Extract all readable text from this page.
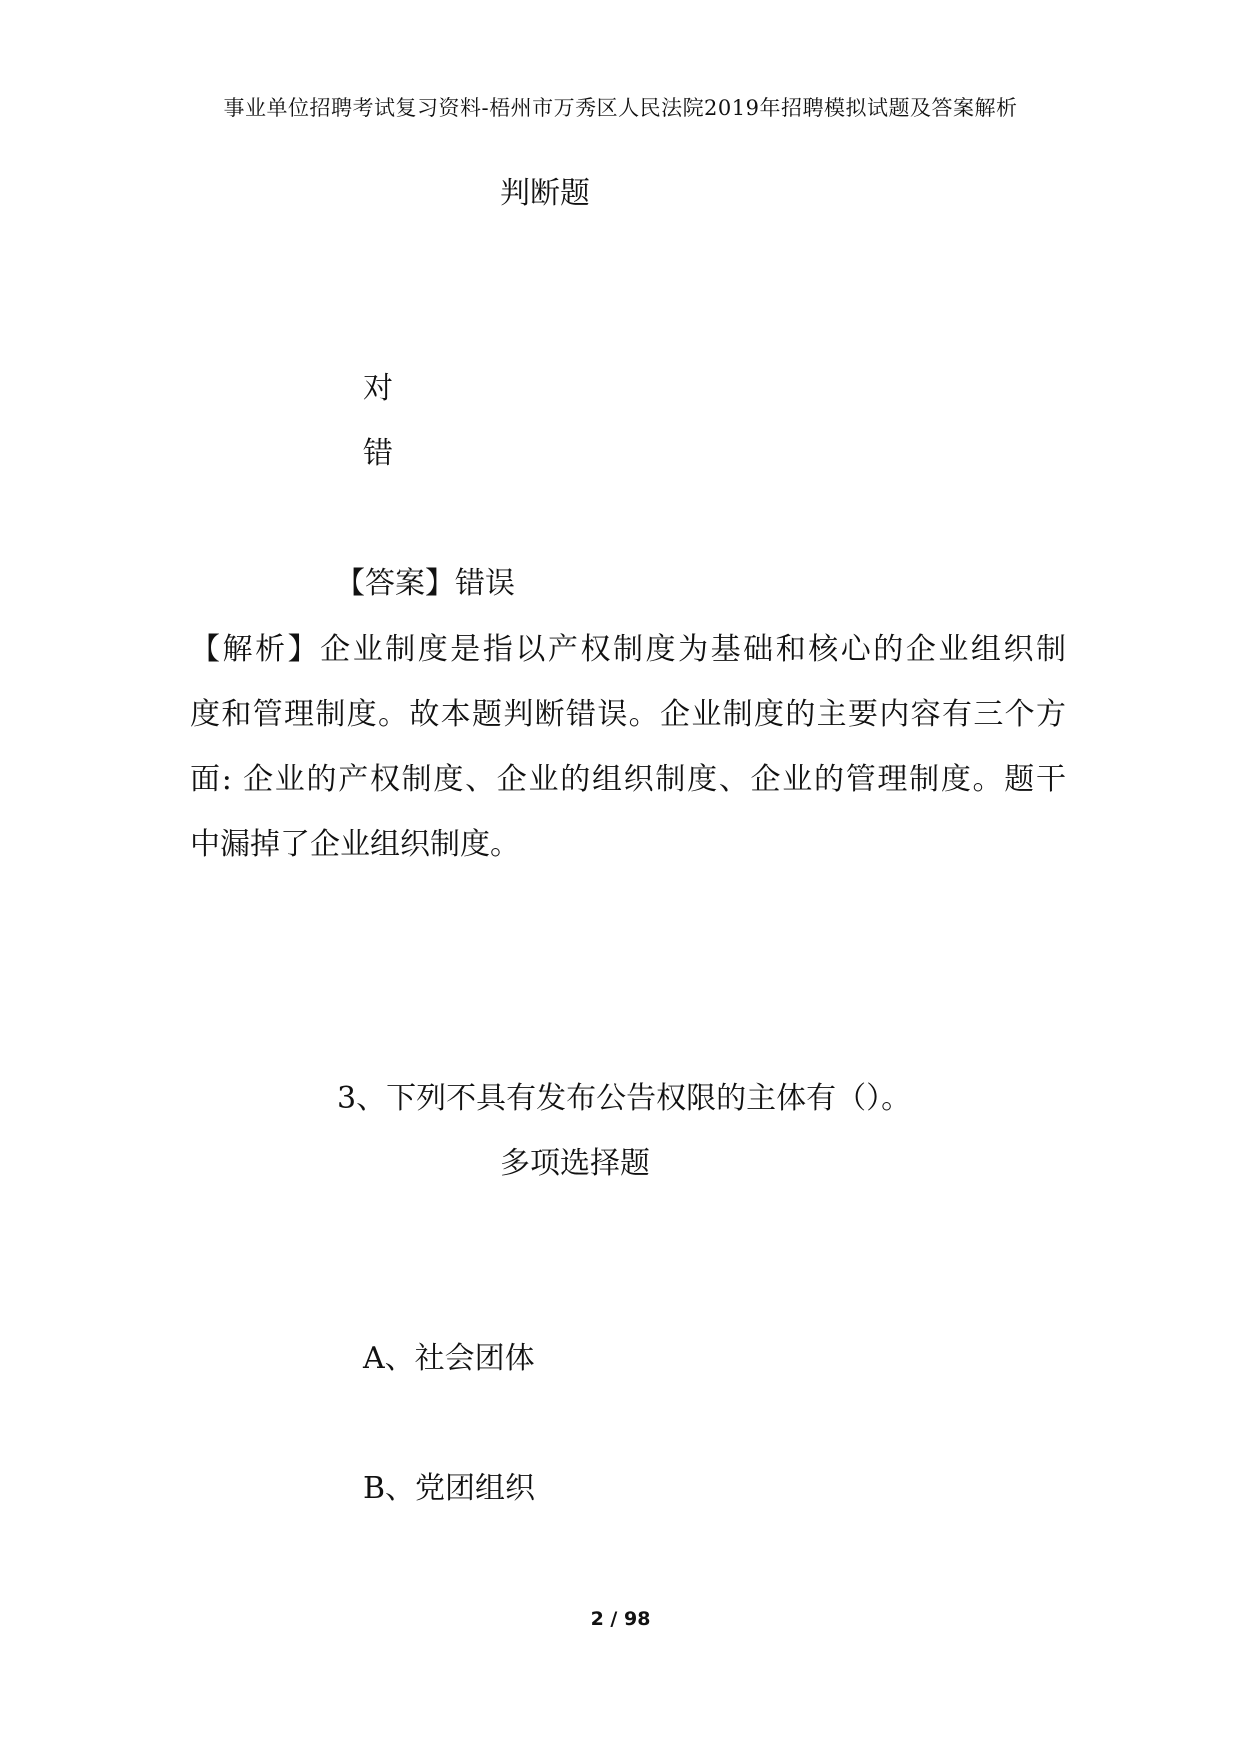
事业单位招聘考试复习资料-梧州市万秀区人民法院2019年招聘模拟试题及答案解析
判断题
对
错
【答案】错误
【解析】企业制度是指以产权制度为基础和核心的企业组织制
度和管理制度。故本题判断错误。企业制度的主要内容有三个方
面: 企业的产权制度、企业的组织制度、企业的管理制度。题干
中漏掉了企业组织制度。
3、下列不具有发布公告权限的主体有（）。
多项选择题
A、社会团体
B、党团组织
2 / 98
